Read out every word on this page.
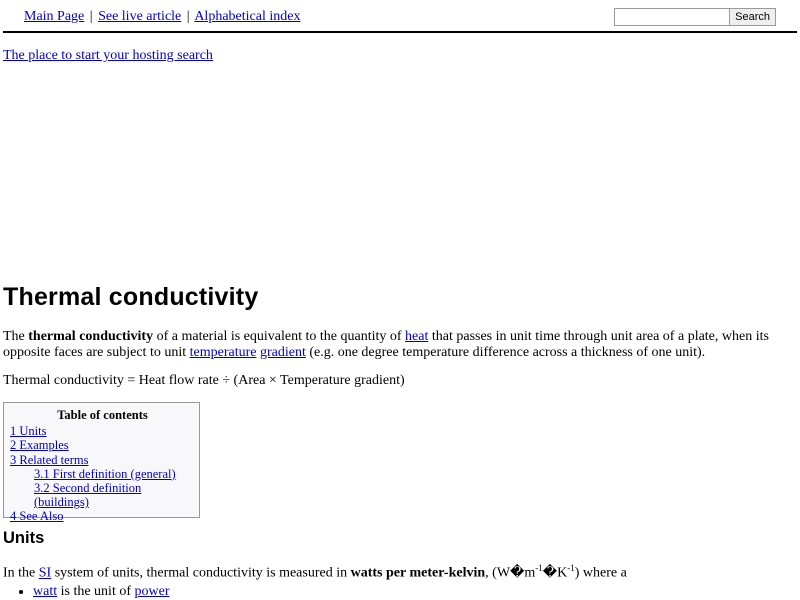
Main Page | See live article | Alphabetical index	Search
The place to start your hosting search
Thermal conductivity

The thermal conductivity of a material is equivalent to the quantity of heat that passes in unit time through unit area of a plate, when its opposite faces are subject to unit temperature gradient (e.g. one degree temperature difference across a thickness of one unit).

Thermal conductivity = Heat flow rate ÷ (Area × Temperature gradient)

Table of contents
1 Units
2 Examples
3 Related terms
3.1 First definition (general)
3.2 Second definition (buildings)
4 See Also
Units

In the SI system of units, thermal conductivity is measured in watts per meter-kelvin, $(W�m^{-1}�K^{-1})$ where a

• watt is the unit of power
